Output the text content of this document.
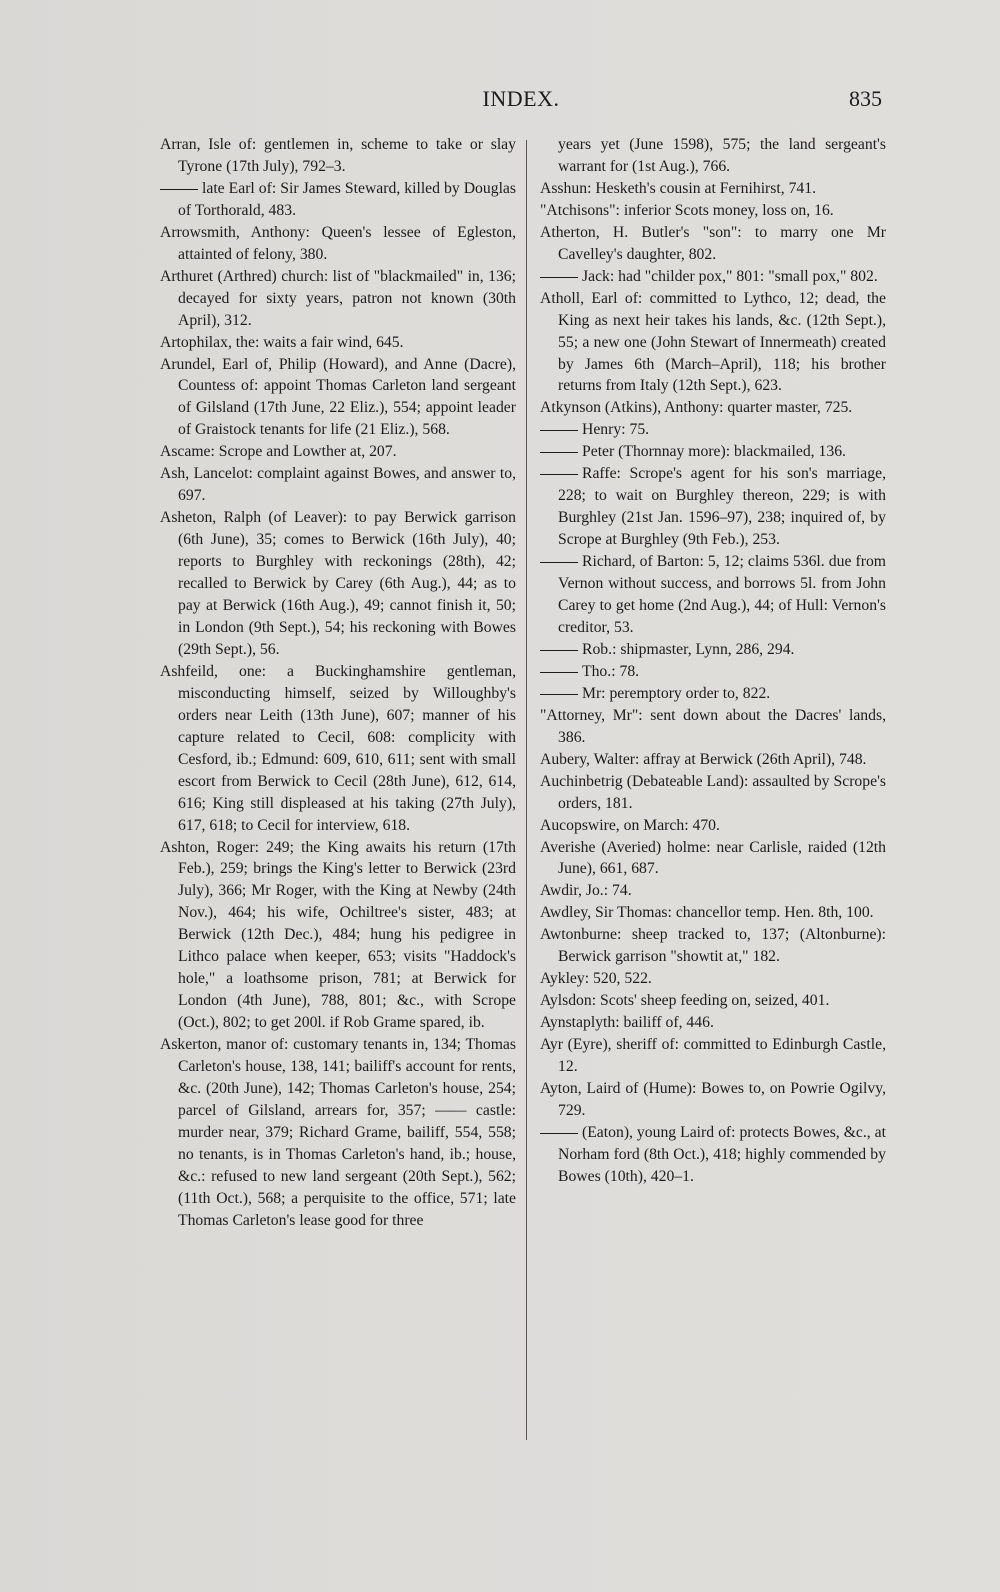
INDEX.	835

Arran, Isle of: gentlemen in, scheme to take or slay Tyrone (17th July), 792–3.

late Earl of: Sir James Steward, killed by Douglas of Torthorald, 483.

Arrowsmith, Anthony: Queen's lessee of Egleston, attainted of felony, 380.

Arthuret (Arthred) church: list of "blackmailed" in, 136; decayed for sixty years, patron not known (30th April), 312.

Artophilax, the: waits a fair wind, 645.

Arundel, Earl of, Philip (Howard), and Anne (Dacre), Countess of: appoint Thomas Carleton land sergeant of Gilsland (17th June, 22 Eliz.), 554; appoint leader of Graistock tenants for life (21 Eliz.), 568.

Ascame: Scrope and Lowther at, 207.

Ash, Lancelot: complaint against Bowes, and answer to, 697.

Asheton, Ralph (of Leaver): to pay Berwick garrison (6th June), 35; comes to Berwick (16th July), 40; reports to Burghley with reckonings (28th), 42; recalled to Berwick by Carey (6th Aug.), 44; as to pay at Berwick (16th Aug.), 49; cannot finish it, 50; in London (9th Sept.), 54; his reckoning with Bowes (29th Sept.), 56.

Ashfeild, one: a Buckinghamshire gentleman, misconducting himself, seized by Willoughby's orders near Leith (13th June), 607; manner of his capture related to Cecil, 608: complicity with Cesford, ib.; Edmund: 609, 610, 611; sent with small escort from Berwick to Cecil (28th June), 612, 614, 616; King still displeased at his taking (27th July), 617, 618; to Cecil for interview, 618.

Ashton, Roger: 249; the King awaits his return (17th Feb.), 259; brings the King's letter to Berwick (23rd July), 366; Mr Roger, with the King at Newby (24th Nov.), 464; his wife, Ochiltree's sister, 483; at Berwick (12th Dec.), 484; hung his pedigree in Lithco palace when keeper, 653; visits "Haddock's hole," a loathsome prison, 781; at Berwick for London (4th June), 788, 801; &c., with Scrope (Oct.), 802; to get 200l. if Rob Grame spared, ib.

Askerton, manor of: customary tenants in, 134; Thomas Carleton's house, 138, 141; bailiff's account for rents, &c. (20th June), 142; Thomas Carleton's house, 254; parcel of Gilsland, arrears for, 357; —— castle: murder near, 379; Richard Grame, bailiff, 554, 558; no tenants, is in Thomas Carleton's hand, ib.; house, &c.: refused to new land sergeant (20th Sept.), 562; (11th Oct.), 568; a perquisite to the office, 571; late Thomas Carleton's lease good for three

years yet (June 1598), 575; the land sergeant's warrant for (1st Aug.), 766.

Asshun: Hesketh's cousin at Fernihirst, 741.

"Atchisons": inferior Scots money, loss on, 16.

Atherton, H. Butler's "son": to marry one Mr Cavelley's daughter, 802.

Jack: had "childer pox," 801: "small pox," 802.

Atholl, Earl of: committed to Lythco, 12; dead, the King as next heir takes his lands, &c. (12th Sept.), 55; a new one (John Stewart of Innermeath) created by James 6th (March–April), 118; his brother returns from Italy (12th Sept.), 623.

Atkynson (Atkins), Anthony: quarter master, 725.

Henry: 75.

Peter (Thornnay more): blackmailed, 136.

Raffe: Scrope's agent for his son's marriage, 228; to wait on Burghley thereon, 229; is with Burghley (21st Jan. 1596–97), 238; inquired of, by Scrope at Burghley (9th Feb.), 253.

Richard, of Barton: 5, 12; claims 536l. due from Vernon without success, and borrows 5l. from John Carey to get home (2nd Aug.), 44; of Hull: Vernon's creditor, 53.

Rob.: shipmaster, Lynn, 286, 294.

Tho.: 78.

Mr: peremptory order to, 822.

"Attorney, Mr": sent down about the Dacres' lands, 386.

Aubery, Walter: affray at Berwick (26th April), 748.

Auchinbetrig (Debateable Land): assaulted by Scrope's orders, 181.

Aucopswire, on March: 470.

Averishe (Averied) holme: near Carlisle, raided (12th June), 661, 687.

Awdir, Jo.: 74.

Awdley, Sir Thomas: chancellor temp. Hen. 8th, 100.

Awtonburne: sheep tracked to, 137; (Altonburne): Berwick garrison "showtit at," 182.

Aykley: 520, 522.

Aylsdon: Scots' sheep feeding on, seized, 401.

Aynstaplyth: bailiff of, 446.

Ayr (Eyre), sheriff of: committed to Edinburgh Castle, 12.

Ayton, Laird of (Hume): Bowes to, on Powrie Ogilvy, 729.

(Eaton), young Laird of: protects Bowes, &c., at Norham ford (8th Oct.), 418; highly commended by Bowes (10th), 420–1.
